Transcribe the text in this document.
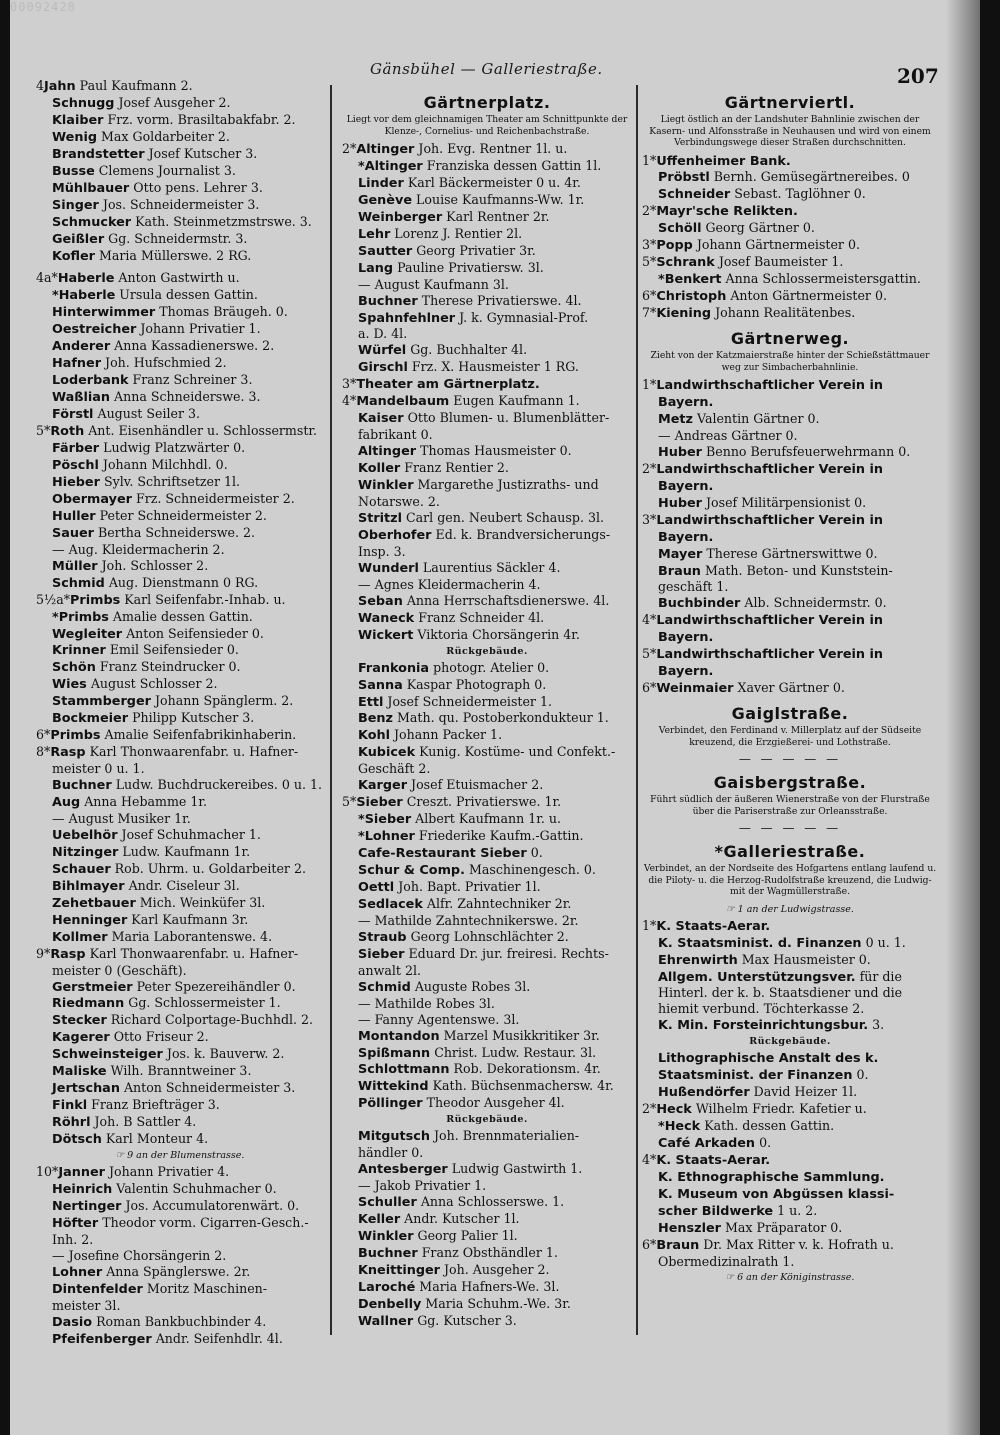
00092428
Gänsbühel — Galleriestraße.	207
4Jahn Paul Kaufmann 2.
Schnugg Josef Ausgeher 2.
Klaiber Frz. vorm. Brasiltabakfabr. 2.
Wenig Max Goldarbeiter 2.
Brandstetter Josef Kutscher 3.
Busse Clemens Journalist 3.
Mühlbauer Otto pens. Lehrer 3.
Singer Jos. Schneidermeister 3.
Schmucker Kath. Steinmetzmstrswe. 3.
Geißler Gg. Schneidermstr. 3.
Kofler Maria Müllerswe. 2 RG.
4a*Haberle Anton Gastwirth u.
*Haberle Ursula dessen Gattin.
Hinterwimmer Thomas Bräugeh. 0.
Oestreicher Johann Privatier 1.
Anderer Anna Kassadienerswe. 2.
Hafner Joh. Hufschmied 2.
Loderbank Franz Schreiner 3.
Waßlian Anna Schneiderswe. 3.
Förstl August Seiler 3.
5*Roth Ant. Eisenhändler u. Schlossermstr.
Färber Ludwig Platzwärter 0.
Pöschl Johann Milchhdl. 0.
Hieber Sylv. Schriftsetzer 1l.
Obermayer Frz. Schneidermeister 2.
Huller Peter Schneidermeister 2.
Sauer Bertha Schneiderswe. 2.
— Aug. Kleidermacherin 2.
Müller Joh. Schlosser 2.
Schmid Aug. Dienstmann 0 RG.
5½a*Primbs Karl Seifenfabr.-Inhab. u.
*Primbs Amalie dessen Gattin.
Wegleiter Anton Seifensieder 0.
Krinner Emil Seifensieder 0.
Schön Franz Steindrucker 0.
Wies August Schlosser 2.
Stammberger Johann Spänglerm. 2.
Bockmeier Philipp Kutscher 3.
6*Primbs Amalie Seifenfabrikinhaberin.
8*Rasp Karl Thonwaarenfabr. u. Hafner-
meister 0 u. 1.
Buchner Ludw. Buchdruckereibes. 0 u. 1.
Aug Anna Hebamme 1r.
— August Musiker 1r.
Uebelhör Josef Schuhmacher 1.
Nitzinger Ludw. Kaufmann 1r.
Schauer Rob. Uhrm. u. Goldarbeiter 2.
Bihlmayer Andr. Ciseleur 3l.
Zehetbauer Mich. Weinküfer 3l.
Henninger Karl Kaufmann 3r.
Kollmer Maria Laborantenswe. 4.
9*Rasp Karl Thonwaarenfabr. u. Hafner-
meister 0 (Geschäft).
Gerstmeier Peter Spezereihändler 0.
Riedmann Gg. Schlossermeister 1.
Stecker Richard Colportage-Buchhdl. 2.
Kagerer Otto Friseur 2.
Schweinsteiger Jos. k. Bauverw. 2.
Maliske Wilh. Branntweiner 3.
Jertschan Anton Schneidermeister 3.
Finkl Franz Briefträger 3.
Röhrl Joh. B Sattler 4.
Dötsch Karl Monteur 4.
☞ 9 an der Blumenstrasse.
10*Janner Johann Privatier 4.
Heinrich Valentin Schuhmacher 0.
Nertinger Jos. Accumulatorenwärt. 0.
Höfter Theodor vorm. Cigarren-Gesch.-
Inh. 2.
— Josefine Chorsängerin 2.
Lohner Anna Spänglerswe. 2r.
Dintenfelder Moritz Maschinen-
meister 3l.
Dasio Roman Bankbuchbinder 4.
Pfeifenberger Andr. Seifenhdlr. 4l.
Gärtnerplatz.
Liegt vor dem gleichnamigen Theater am Schnittpunkte der Klenze-, Cornelius- und Reichenbachstraße.
2*Altinger Joh. Evg. Rentner 1l. u.
*Altinger Franziska dessen Gattin 1l.
Linder Karl Bäckermeister 0 u. 4r.
Genève Louise Kaufmanns-Ww. 1r.
Weinberger Karl Rentner 2r.
Lehr Lorenz J. Rentier 2l.
Sautter Georg Privatier 3r.
Lang Pauline Privatiersw. 3l.
— August Kaufmann 3l.
Buchner Therese Privatierswe. 4l.
Spahnfehlner J. k. Gymnasial-Prof.
a. D. 4l.
Würfel Gg. Buchhalter 4l.
Girschl Frz. X. Hausmeister 1 RG.
3*Theater am Gärtnerplatz.
4*Mandelbaum Eugen Kaufmann 1.
Kaiser Otto Blumen- u. Blumenblätter-
fabrikant 0.
Altinger Thomas Hausmeister 0.
Koller Franz Rentier 2.
Winkler Margarethe Justizraths- und
Notarswe. 2.
Stritzl Carl gen. Neubert Schausp. 3l.
Oberhofer Ed. k. Brandversicherungs-
Insp. 3.
Wunderl Laurentius Säckler 4.
— Agnes Kleidermacherin 4.
Seban Anna Herrschaftsdienerswe. 4l.
Waneck Franz Schneider 4l.
Wickert Viktoria Chorsängerin 4r.
Rückgebäude.
Frankonia photogr. Atelier 0.
Sanna Kaspar Photograph 0.
Ettl Josef Schneidermeister 1.
Benz Math. qu. Postoberkondukteur 1.
Kohl Johann Packer 1.
Kubicek Kunig. Kostüme- und Confekt.-
Geschäft 2.
Karger Josef Etuismacher 2.
5*Sieber Creszt. Privatierswe. 1r.
*Sieber Albert Kaufmann 1r. u.
*Lohner Friederike Kaufm.-Gattin.
Cafe-Restaurant Sieber 0.
Schur & Comp. Maschinengesch. 0.
Oettl Joh. Bapt. Privatier 1l.
Sedlacek Alfr. Zahntechniker 2r.
— Mathilde Zahntechnikerswe. 2r.
Straub Georg Lohnschlächter 2.
Sieber Eduard Dr. jur. freiresi. Rechts-
anwalt 2l.
Schmid Auguste Robes 3l.
— Mathilde Robes 3l.
— Fanny Agentenswe. 3l.
Montandon Marzel Musikkritiker 3r.
Spißmann Christ. Ludw. Restaur. 3l.
Schlottmann Rob. Dekorationsm. 4r.
Wittekind Kath. Büchsenmachersw. 4r.
Pöllinger Theodor Ausgeher 4l.
Rückgebäude.
Mitgutsch Joh. Brennmaterialien-
händler 0.
Antesberger Ludwig Gastwirth 1.
— Jakob Privatier 1.
Schuller Anna Schlosserswe. 1.
Keller Andr. Kutscher 1l.
Winkler Georg Palier 1l.
Buchner Franz Obsthändler 1.
Kneittinger Joh. Ausgeher 2.
Laroché Maria Hafners-We. 3l.
Denbelly Maria Schuhm.-We. 3r.
Wallner Gg. Kutscher 3.
Gärtnerviertl.
Liegt östlich an der Landshuter Bahnlinie zwischen der Kasern- und Alfonsstraße in Neuhausen und wird von einem Verbindungswege dieser Straßen durchschnitten.
1*Uffenheimer Bank.
Pröbstl Bernh. Gemüsegärtnereibes. 0
Schneider Sebast. Taglöhner 0.
2*Mayr'sche Relikten.
Schöll Georg Gärtner 0.
3*Popp Johann Gärtnermeister 0.
5*Schrank Josef Baumeister 1.
*Benkert Anna Schlossermeistersgattin.
6*Christoph Anton Gärtnermeister 0.
7*Kiening Johann Realitätenbes.
Gärtnerweg.
Zieht von der Katzmaierstraße hinter der Schießstättmauer weg zur Simbacherbahnlinie.
1*Landwirthschaftlicher Verein in
Bayern.
Metz Valentin Gärtner 0.
— Andreas Gärtner 0.
Huber Benno Berufsfeuerwehrmann 0.
2*Landwirthschaftlicher Verein in
Bayern.
Huber Josef Militärpensionist 0.
3*Landwirthschaftlicher Verein in
Bayern.
Mayer Therese Gärtnerswittwe 0.
Braun Math. Beton- und Kunststein-
geschäft 1.
Buchbinder Alb. Schneidermstr. 0.
4*Landwirthschaftlicher Verein in
Bayern.
5*Landwirthschaftlicher Verein in
Bayern.
6*Weinmaier Xaver Gärtner 0.
Gaiglstraße.
Verbindet, den Ferdinand v. Millerplatz auf der Südseite kreuzend, die Erzgießerei- und Lothstraße.
— — — — —
Gaisbergstraße.
Führt südlich der äußeren Wienerstraße von der Flurstraße über die Pariserstraße zur Orleansstraße.
— — — — —
*Galleriestraße.
Verbindet, an der Nordseite des Hofgartens entlang laufend u. die Piloty- u. die Herzog-Rudolfstraße kreuzend, die Ludwig- mit der Wagmüllerstraße.
☞ 1 an der Ludwigstrasse.
1*K. Staats-Aerar.
K. Staatsminist. d. Finanzen 0 u. 1.
Ehrenwirth Max Hausmeister 0.
Allgem. Unterstützungsver. für die
Hinterl. der k. b. Staatsdiener und die
hiemit verbund. Töchterkasse 2.
K. Min. Forsteinrichtungsbur. 3.
Rückgebäude.
Lithographische Anstalt des k.
Staatsminist. der Finanzen 0.
Hußendörfer David Heizer 1l.
2*Heck Wilhelm Friedr. Kafetier u.
*Heck Kath. dessen Gattin.
Café Arkaden 0.
4*K. Staats-Aerar.
K. Ethnographische Sammlung.
K. Museum von Abgüssen klassi-
scher Bildwerke 1 u. 2.
Henszler Max Präparator 0.
6*Braun Dr. Max Ritter v. k. Hofrath u.
Obermedizinalrath 1.
☞ 6 an der Königinstrasse.
